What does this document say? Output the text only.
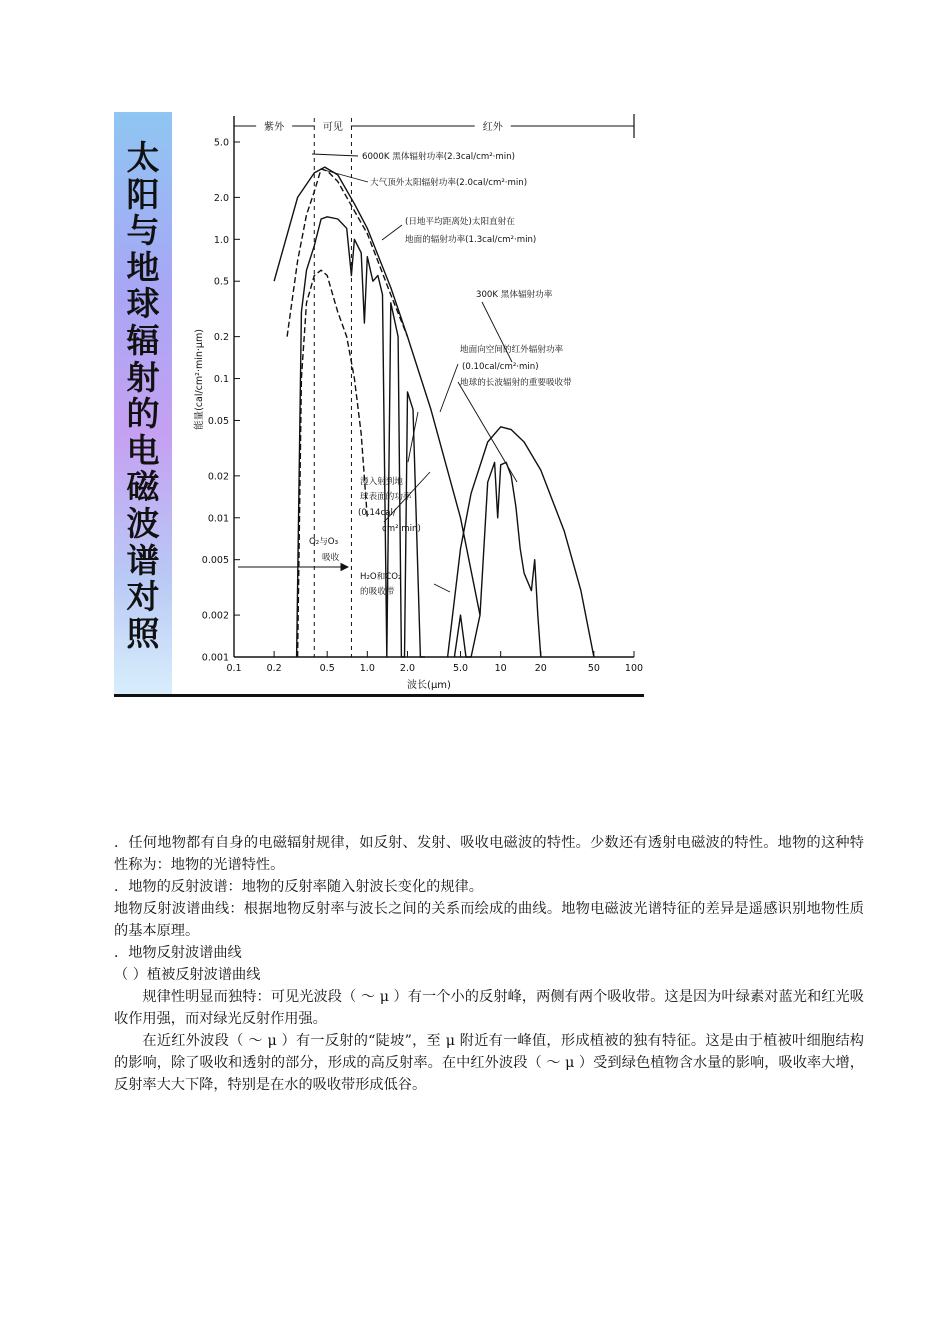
太
阳
与
地
球
辐
射
的
电
磁
波
谱
对
照
5.0
2.0
1.0
0.5
0.2
0.1
0.05
0.02
0.01
0.005
0.002
0.001
0.1	0.2	0.5	1.0	2.0	5.0	10	20	50	100
紫外	可见	红外
6000K 黑体辐射功率(2.3cal/cm²·min)
大气顶外太阳辐射功率(2.0cal/cm²·min)
(日地平均距离处)太阳直射在
地面的辐射功率(1.3cal/cm²·min)
300K 黑体辐射功率
地面向空间的红外辐射功率
(0.10cal/cm²·min)
地球的长波辐射的重要吸收带
漫入射到地
球表面的功率
(0.14cal/
cm²·min)
O₂与O₃
吸收
H₂O和CO₂
的吸收带
波长(μm)
能量(cal/cm²·min·μm)

．任何地物都有自身的电磁辐射规律，如反射、发射、吸收电磁波的特性。少数还有透射电磁波的特性。地物的这种特性称为：地物的光谱特性。

．地物的反射波谱：地物的反射率随入射波长变化的规律。

地物反射波谱曲线：根据地物反射率与波长之间的关系而绘成的曲线。地物电磁波光谱特征的差异是遥感识别地物性质的基本原理。

．地物反射波谱曲线

（ ）植被反射波谱曲线

规律性明显而独特：可见光波段（ ～ μ ）有一个小的反射峰，两侧有两个吸收带。这是因为叶绿素对蓝光和红光吸收作用强，而对绿光反射作用强。

在近红外波段（ ～ μ ）有一反射的“陡坡”，至 μ 附近有一峰值，形成植被的独有特征。这是由于植被叶细胞结构的影响，除了吸收和透射的部分，形成的高反射率。在中红外波段（ ～ μ ）受到绿色植物含水量的影响，吸收率大增，反射率大大下降，特别是在水的吸收带形成低谷。
